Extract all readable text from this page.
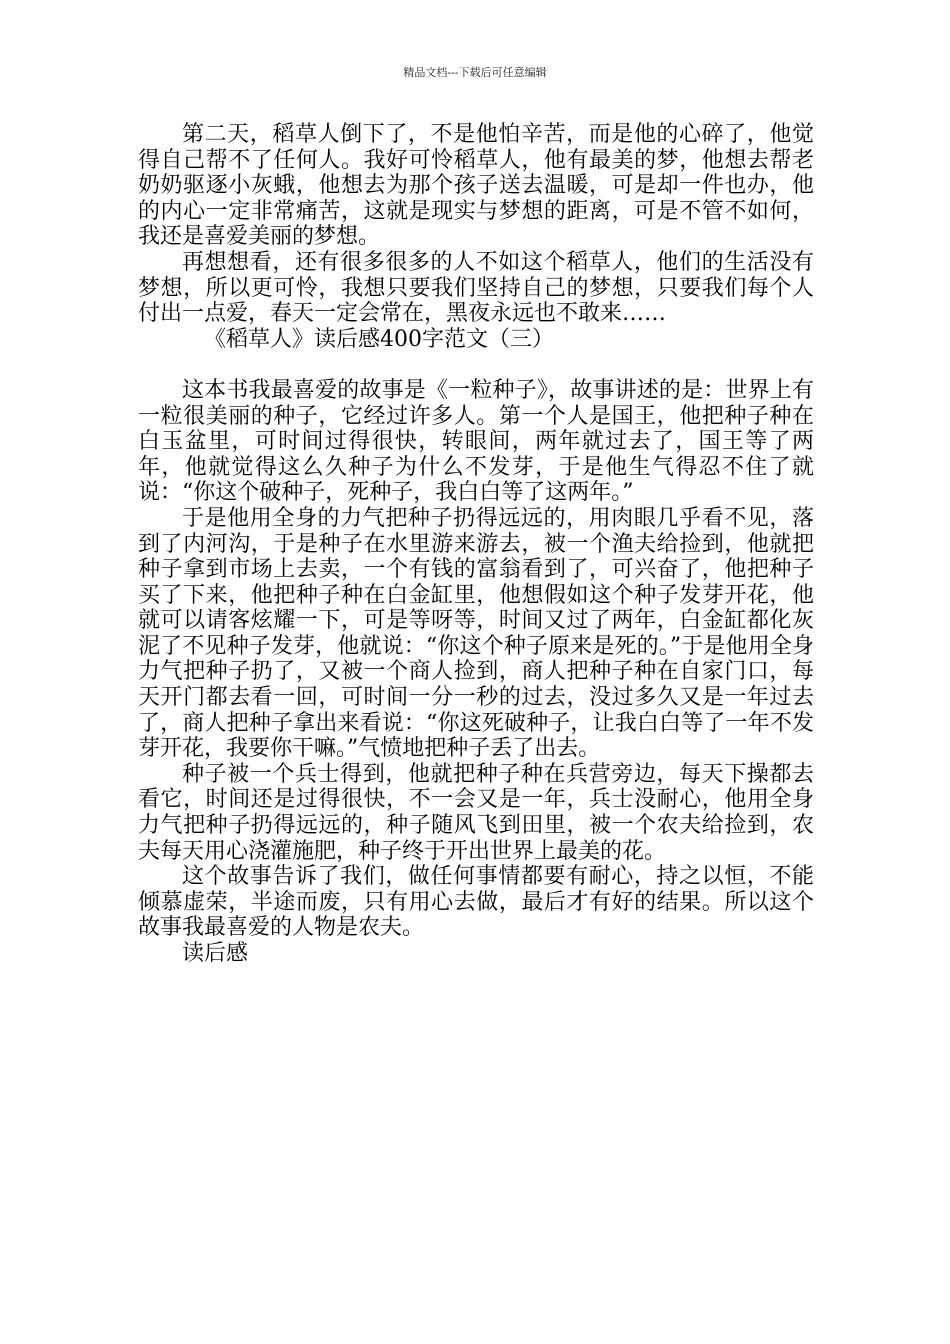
精品文档---下载后可任意编辑

第二天，稻草人倒下了，不是他怕辛苦，而是他的心碎了，他觉得自己帮不了任何人。我好可怜稻草人，他有最美的梦，他想去帮老奶奶驱逐小灰蛾，他想去为那个孩子送去温暖，可是却一件也办，他的内心一定非常痛苦，这就是现实与梦想的距离，可是不管不如何，我还是喜爱美丽的梦想。

再想想看，还有很多很多的人不如这个稻草人，他们的生活没有梦想，所以更可怜，我想只要我们坚持自己的梦想，只要我们每个人付出一点爱，春天一定会常在，黑夜永远也不敢来……

《稻草人》读后感400字范文（三）

这本书我最喜爱的故事是《一粒种子》，故事讲述的是：世界上有一粒很美丽的种子，它经过许多人。第一个人是国王，他把种子种在白玉盆里，可时间过得很快，转眼间，两年就过去了，国王等了两年，他就觉得这么久种子为什么不发芽，于是他生气得忍不住了就说：“你这个破种子，死种子，我白白等了这两年。”

于是他用全身的力气把种子扔得远远的，用肉眼几乎看不见，落到了内河沟，于是种子在水里游来游去，被一个渔夫给捡到，他就把种子拿到市场上去卖，一个有钱的富翁看到了，可兴奋了，他把种子买了下来，他把种子种在白金缸里，他想假如这个种子发芽开花，他就可以请客炫耀一下，可是等呀等，时间又过了两年，白金缸都化灰泥了不见种子发芽，他就说：“你这个种子原来是死的。”于是他用全身力气把种子扔了，又被一个商人捡到，商人把种子种在自家门口，每天开门都去看一回，可时间一分一秒的过去，没过多久又是一年过去了，商人把种子拿出来看说：“你这死破种子，让我白白等了一年不发芽开花，我要你干嘛。”气愤地把种子丢了出去。

种子被一个兵士得到，他就把种子种在兵营旁边，每天下操都去看它，时间还是过得很快，不一会又是一年，兵士没耐心，他用全身力气把种子扔得远远的，种子随风飞到田里，被一个农夫给捡到，农夫每天用心浇灌施肥，种子终于开出世界上最美的花。

这个故事告诉了我们，做任何事情都要有耐心，持之以恒，不能倾慕虚荣，半途而废，只有用心去做，最后才有好的结果。所以这个故事我最喜爱的人物是农夫。

读后感
